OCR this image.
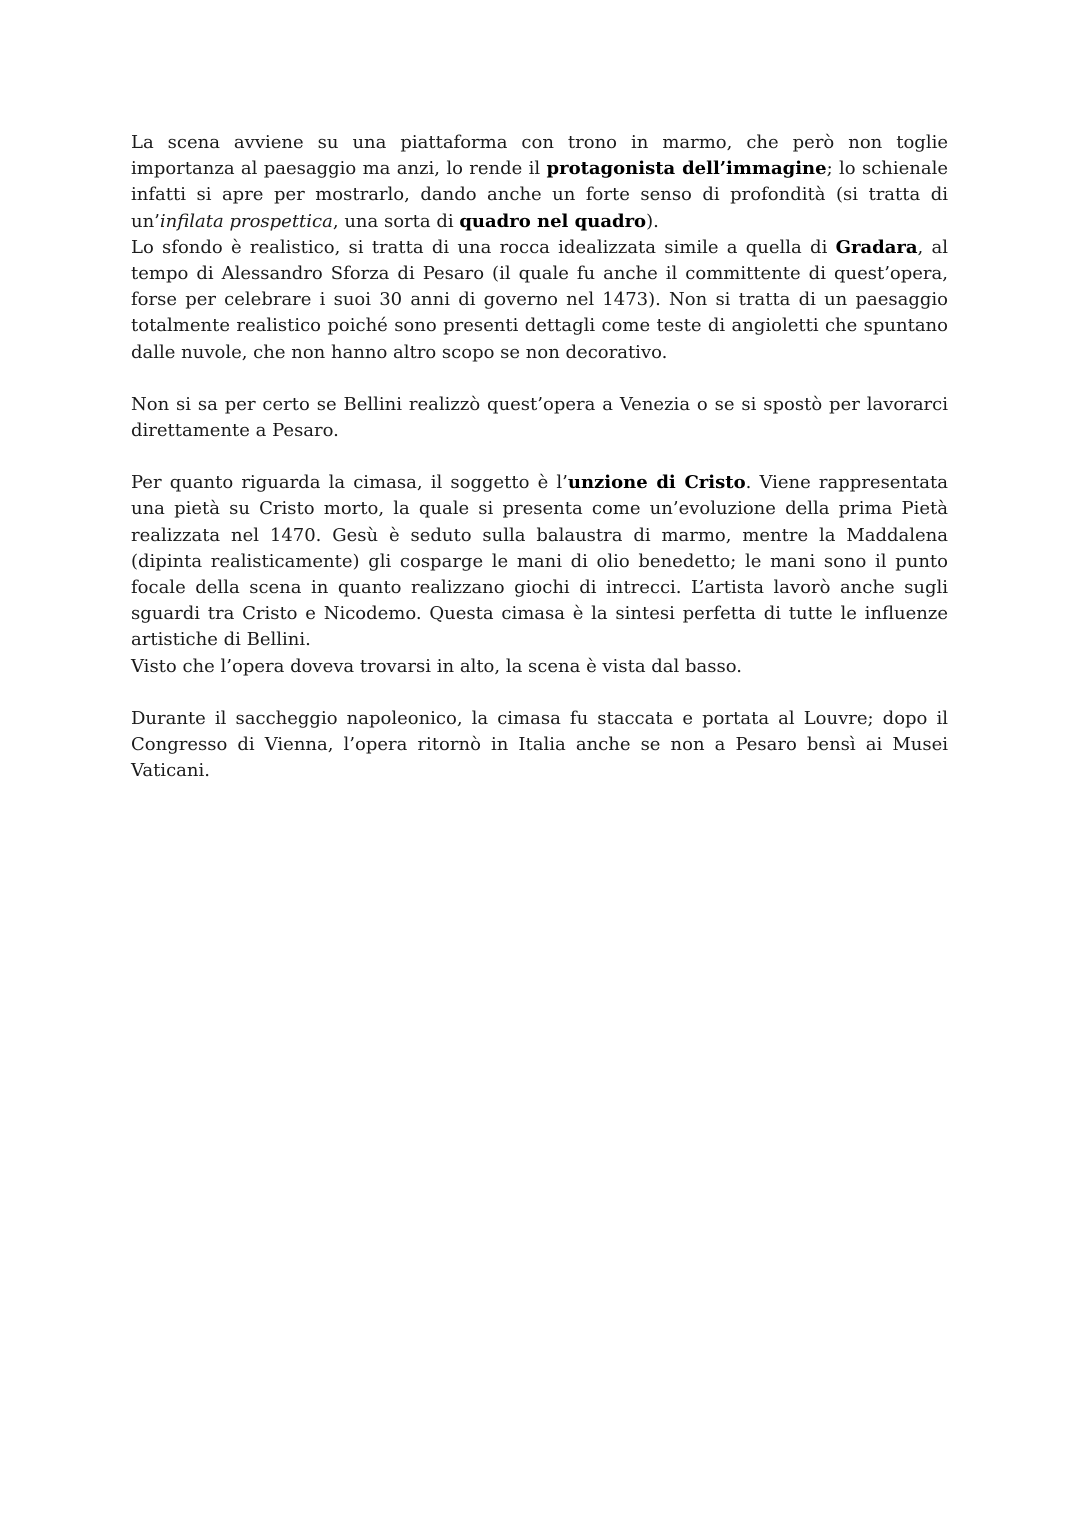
La scena avviene su una piattaforma con trono in marmo, che però non toglie importanza al paesaggio ma anzi, lo rende il protagonista dell’immagine; lo schienale infatti si apre per mostrarlo, dando anche un forte senso di profondità (si tratta di un’infilata prospettica, una sorta di quadro nel quadro).

Lo sfondo è realistico, si tratta di una rocca idealizzata simile a quella di Gradara, al tempo di Alessandro Sforza di Pesaro (il quale fu anche il committente di quest’opera, forse per celebrare i suoi 30 anni di governo nel 1473). Non si tratta di un paesaggio totalmente realistico poiché sono presenti dettagli come teste di angioletti che spuntano dalle nuvole, che non hanno altro scopo se non decorativo.

Non si sa per certo se Bellini realizzò quest’opera a Venezia o se si spostò per lavorarci direttamente a Pesaro.

Per quanto riguarda la cimasa, il soggetto è l’unzione di Cristo. Viene rappresentata una pietà su Cristo morto, la quale si presenta come un’evoluzione della prima Pietà realizzata nel 1470. Gesù è seduto sulla balaustra di marmo, mentre la Maddalena (dipinta realisticamente) gli cosparge le mani di olio benedetto; le mani sono il punto focale della scena in quanto realizzano giochi di intrecci. L’artista lavorò anche sugli sguardi tra Cristo e Nicodemo. Questa cimasa è la sintesi perfetta di tutte le influenze artistiche di Bellini.

Visto che l’opera doveva trovarsi in alto, la scena è vista dal basso.

Durante il saccheggio napoleonico, la cimasa fu staccata e portata al Louvre; dopo il Congresso di Vienna, l’opera ritornò in Italia anche se non a Pesaro bensì ai Musei Vaticani.
